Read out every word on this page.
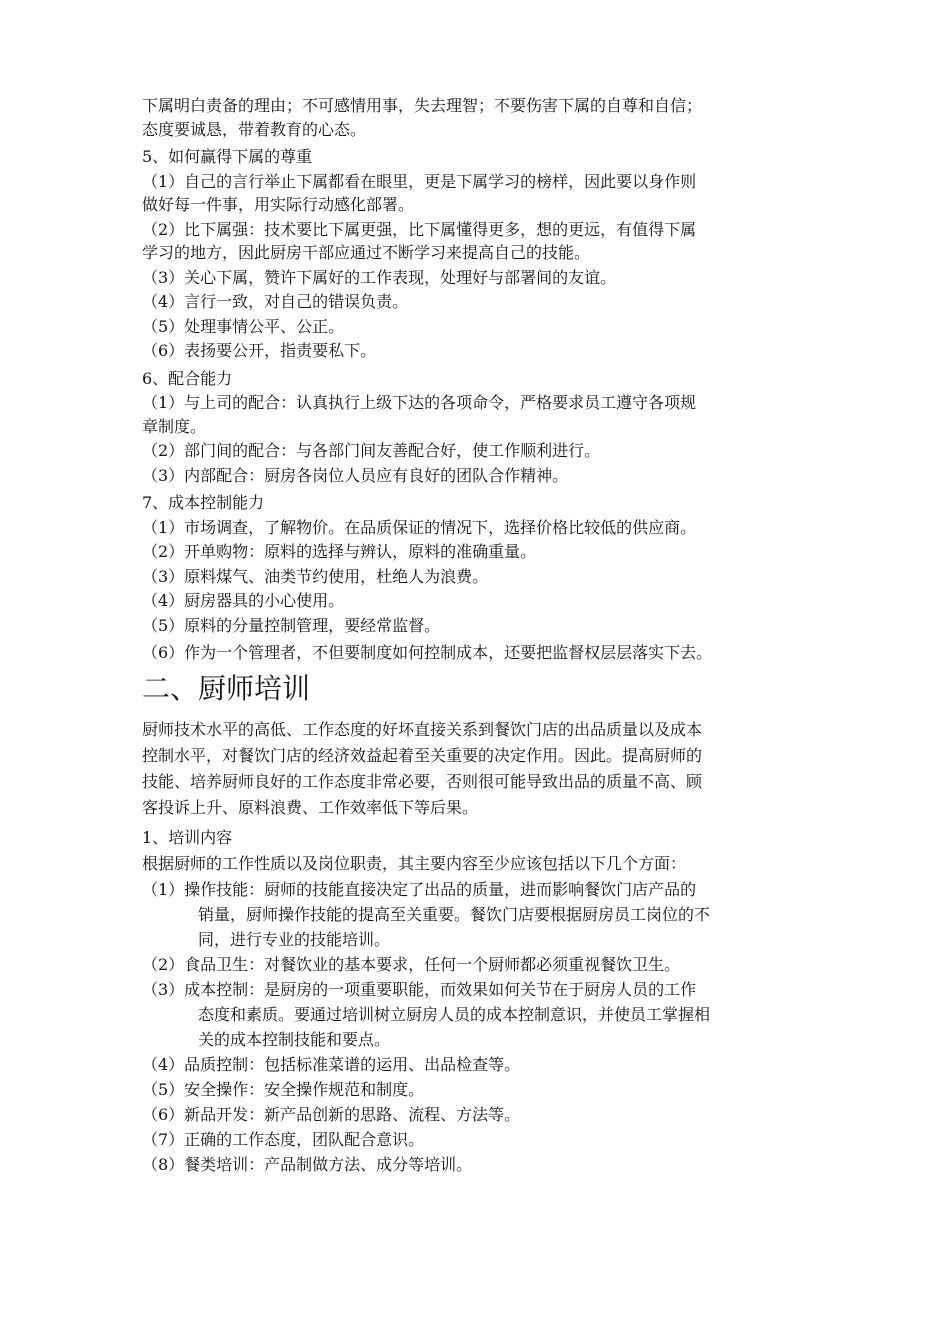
下属明白责备的理由；不可感情用事，失去理智；不要伤害下属的自尊和自信；
态度要诚恳，带着教育的心态。
5、如何赢得下属的尊重
（1）自己的言行举止下属都看在眼里，更是下属学习的榜样，因此要以身作则
做好每一件事，用实际行动感化部署。
（2）比下属强：技术要比下属更强，比下属懂得更多，想的更远，有值得下属
学习的地方，因此厨房干部应通过不断学习来提高自己的技能。
（3）关心下属，赞许下属好的工作表现，处理好与部署间的友谊。
（4）言行一致，对自己的错误负责。
（5）处理事情公平、公正。
（6）表扬要公开，指责要私下。
6、配合能力
（1）与上司的配合：认真执行上级下达的各项命令，严格要求员工遵守各项规
章制度。
（2）部门间的配合：与各部门间友善配合好，使工作顺利进行。
（3）内部配合：厨房各岗位人员应有良好的团队合作精神。
7、成本控制能力
（1）市场调查，了解物价。在品质保证的情况下，选择价格比较低的供应商。
（2）开单购物：原料的选择与辨认，原料的准确重量。
（3）原料煤气、油类节约使用，杜绝人为浪费。
（4）厨房器具的小心使用。
（5）原料的分量控制管理，要经常监督。
（6）作为一个管理者，不但要制度如何控制成本，还要把监督权层层落实下去。
二、厨师培训
厨师技术水平的高低、工作态度的好坏直接关系到餐饮门店的出品质量以及成本
控制水平，对餐饮门店的经济效益起着至关重要的决定作用。因此。提高厨师的
技能、培养厨师良好的工作态度非常必要，否则很可能导致出品的质量不高、顾
客投诉上升、原料浪费、工作效率低下等后果。
1、培训内容
根据厨师的工作性质以及岗位职责，其主要内容至少应该包括以下几个方面：
（1）操作技能：厨师的技能直接决定了出品的质量，进而影响餐饮门店产品的
销量，厨师操作技能的提高至关重要。餐饮门店要根据厨房员工岗位的不
同，进行专业的技能培训。
（2）食品卫生：对餐饮业的基本要求，任何一个厨师都必须重视餐饮卫生。
（3）成本控制：是厨房的一项重要职能，而效果如何关节在于厨房人员的工作
态度和素质。要通过培训树立厨房人员的成本控制意识，并使员工掌握相
关的成本控制技能和要点。
（4）品质控制：包括标准菜谱的运用、出品检查等。
（5）安全操作：安全操作规范和制度。
（6）新品开发：新产品创新的思路、流程、方法等。
（7）正确的工作态度，团队配合意识。
（8）餐类培训：产品制做方法、成分等培训。
